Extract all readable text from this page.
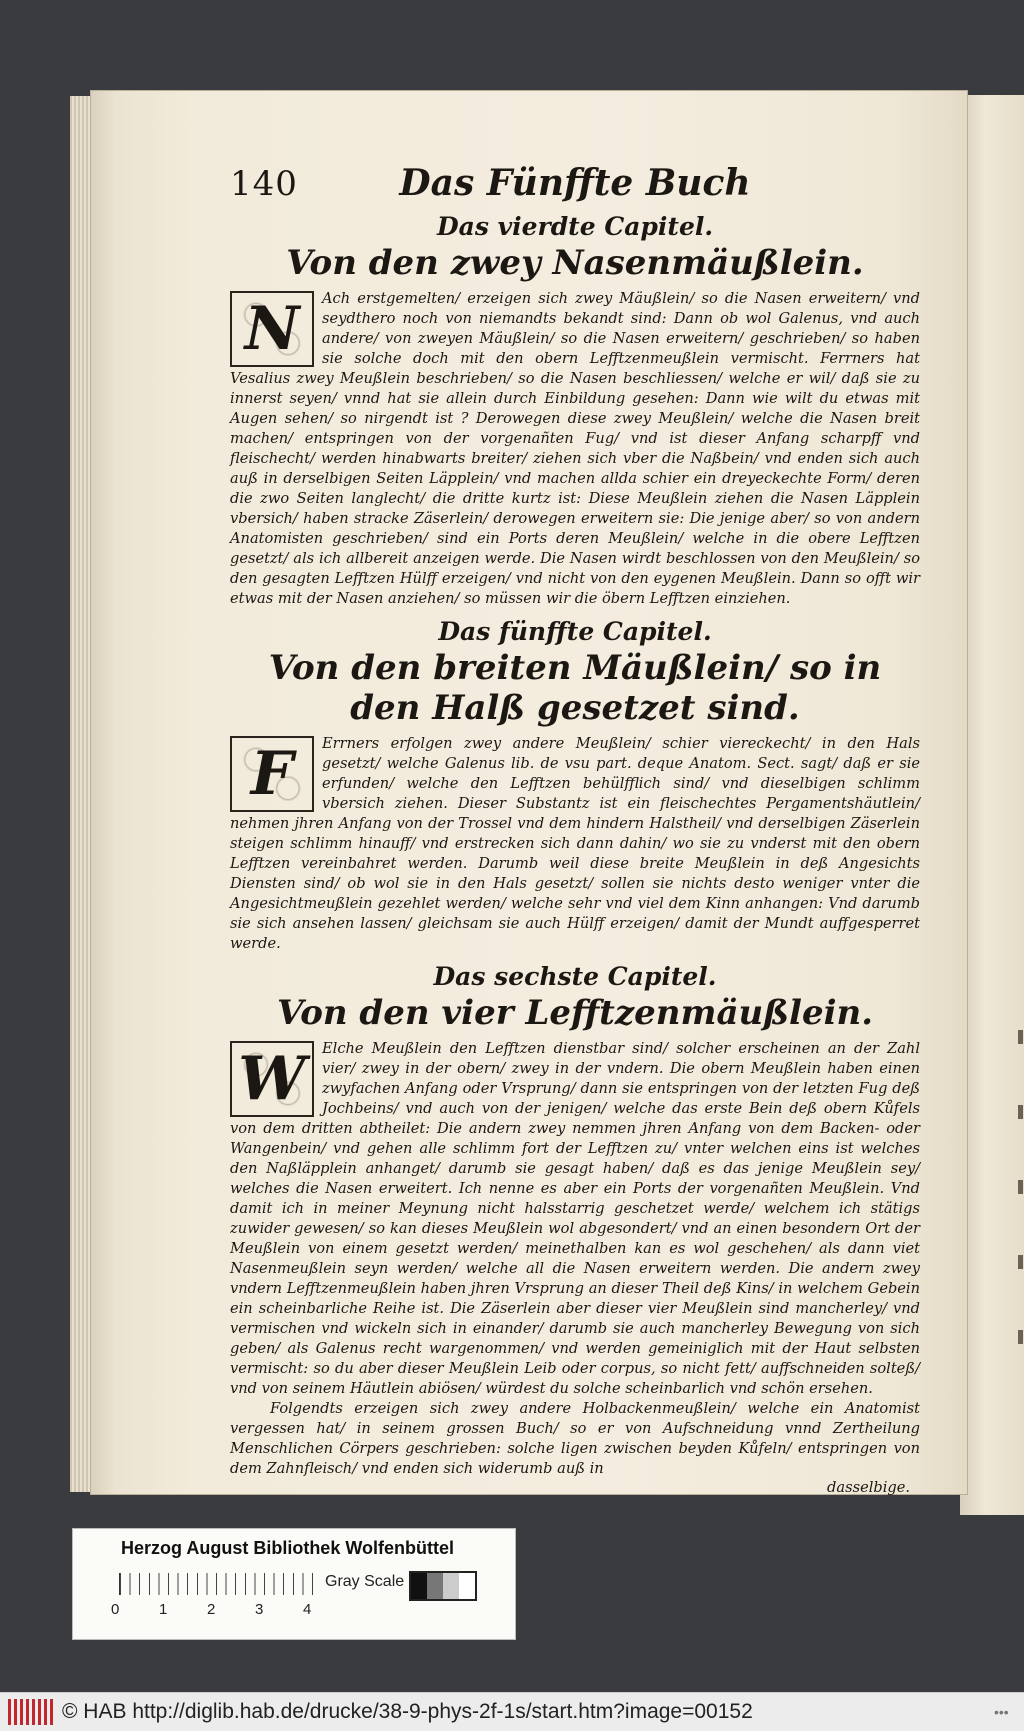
140	Das Fünffte Buch
Das vierdte Capitel.
Von den zwey Nasenmäußlein.

N	Ach erstgemelten/ erzeigen sich zwey Mäußlein/ so die Nasen erweitern/ vnd seydthero noch von niemandts bekandt sind: Dann ob wol Galenus, vnd auch andere/ von zweyen Mäußlein/ so die Nasen erweitern/ geschrieben/ so haben sie solche doch mit den obern Lefftzenmeußlein vermischt. Ferrners hat Vesalius zwey Meußlein beschrieben/ so die Nasen beschliessen/ welche er wil/ daß sie zu innerst seyen/ vnnd hat sie allein durch Einbildung gesehen: Dann wie wilt du etwas mit Augen sehen/ so nirgendt ist ? Derowegen diese zwey Meußlein/ welche die Nasen breit machen/ entspringen von der vorgenañten Fug/ vnd ist dieser Anfang scharpff vnd fleischecht/ werden hinabwarts breiter/ ziehen sich vber die Naßbein/ vnd enden sich auch auß in derselbigen Seiten Läpplein/ vnd machen allda schier ein dreyeckechte Form/ deren die zwo Seiten langlecht/ die dritte kurtz ist: Diese Meußlein ziehen die Nasen Läpplein vbersich/ haben stracke Zäserlein/ derowegen erweitern sie: Die jenige aber/ so von andern Anatomisten geschrieben/ sind ein Ports deren Meußlein/ welche in die obere Lefftzen gesetzt/ als ich allbereit anzeigen werde. Die Nasen wirdt beschlossen von den Meußlein/ so den gesagten Lefftzen Hülff erzeigen/ vnd nicht von den eygenen Meußlein. Dann so offt wir etwas mit der Nasen anziehen/ so müssen wir die öbern Lefftzen einziehen.

Das fünffte Capitel.
Von den breiten Mäußlein/ so in den Halß gesetzet sind.

F	Errners erfolgen zwey andere Meußlein/ schier viereckecht/ in den Hals gesetzt/ welche Galenus lib. de vsu part. deque Anatom. Sect. sagt/ daß er sie erfunden/ welche den Lefftzen behülfflich sind/ vnd dieselbigen schlimm vbersich ziehen. Dieser Substantz ist ein fleischechtes Pergamentshäutlein/ nehmen jhren Anfang von der Trossel vnd dem hindern Halstheil/ vnd derselbigen Zäserlein steigen schlimm hinauff/ vnd erstrecken sich dann dahin/ wo sie zu vnderst mit den obern Lefftzen vereinbahret werden. Darumb weil diese breite Meußlein in deß Angesichts Diensten sind/ ob wol sie in den Hals gesetzt/ sollen sie nichts desto weniger vnter die Angesichtmeußlein gezehlet werden/ welche sehr vnd viel dem Kinn anhangen: Vnd darumb sie sich ansehen lassen/ gleichsam sie auch Hülff erzeigen/ damit der Mundt auffgesperret werde.

Das sechste Capitel.
Von den vier Lefftzenmäußlein.

W	Elche Meußlein den Lefftzen dienstbar sind/ solcher erscheinen an der Zahl vier/ zwey in der obern/ zwey in der vndern. Die obern Meußlein haben einen zwyfachen Anfang oder Vrsprung/ dann sie entspringen von der letzten Fug deß Jochbeins/ vnd auch von der jenigen/ welche das erste Bein deß obern Kůfels von dem dritten abtheilet: Die andern zwey nemmen jhren Anfang von dem Backen- oder Wangenbein/ vnd gehen alle schlimm fort der Lefftzen zu/ vnter welchen eins ist welches den Naßläpplein anhanget/ darumb sie gesagt haben/ daß es das jenige Meußlein sey/ welches die Nasen erweitert. Ich nenne es aber ein Ports der vorgenañten Meußlein. Vnd damit ich in meiner Meynung nicht halsstarrig geschetzet werde/ welchem ich stätigs zuwider gewesen/ so kan dieses Meußlein wol abgesondert/ vnd an einen besondern Ort der Meußlein von einem gesetzt werden/ meinethalben kan es wol geschehen/ als dann viet Nasenmeußlein seyn werden/ welche all die Nasen erweitern werden. Die andern zwey vndern Lefftzenmeußlein haben jhren Vrsprung an dieser Theil deß Kins/ in welchem Gebein ein scheinbarliche Reihe ist. Die Zäserlein aber dieser vier Meußlein sind mancherley/ vnd vermischen vnd wickeln sich in einander/ darumb sie auch mancherley Bewegung von sich geben/ als Galenus recht wargenommen/ vnd werden gemeiniglich mit der Haut selbsten vermischt: so du aber dieser Meußlein Leib oder corpus, so nicht fett/ auffschneiden solteß/ vnd von seinem Häutlein abiösen/ würdest du solche scheinbarlich vnd schön ersehen.

Folgendts erzeigen sich zwey andere Holbackenmeußlein/ welche ein Anatomist vergessen hat/ in seinem grossen Buch/ so er von Aufschneidung vnnd Zertheilung Menschlichen Cörpers geschrieben: solche ligen zwischen beyden Kůfeln/ entspringen von dem Zahnfleisch/ vnd enden sich widerumb auß in

dasselbige.
Herzog August Bibliothek Wolfenbüttel
0	1	2	3	4
Gray Scale
© HAB http://diglib.hab.de/drucke/38-9-phys-2f-1s/start.htm?image=00152	•••
